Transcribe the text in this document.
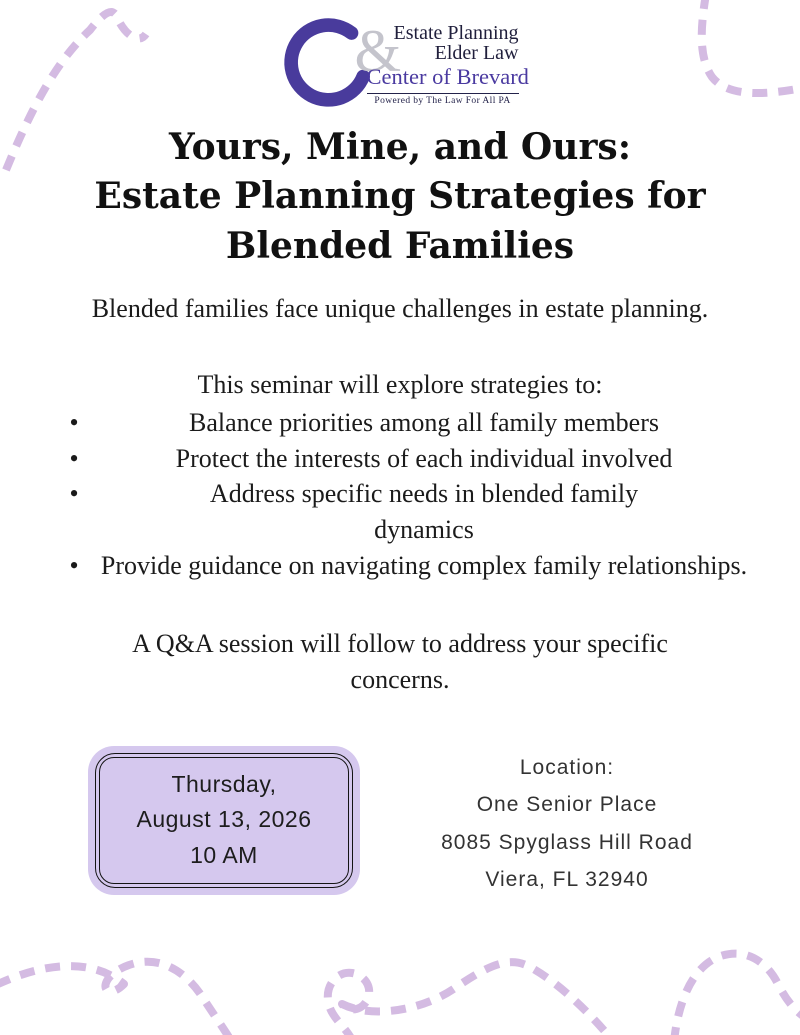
&
Estate Planning
Elder Law
Center of Brevard
Powered by The Law For All PA
Yours, Mine, and Ours:
Estate Planning Strategies for
Blended Families
Blended families face unique challenges in estate planning.
This seminar will explore strategies to:
•	Balance priorities among all family members
•	Protect the interests of each individual involved
•	Address specific needs in blended family dynamics
• Provide guidance on navigating complex family relationships.
A Q&A session will follow to address your specific concerns.
Thursday,
August 13, 2026
10 AM
Location:
One Senior Place
8085 Spyglass Hill Road
Viera, FL 32940
